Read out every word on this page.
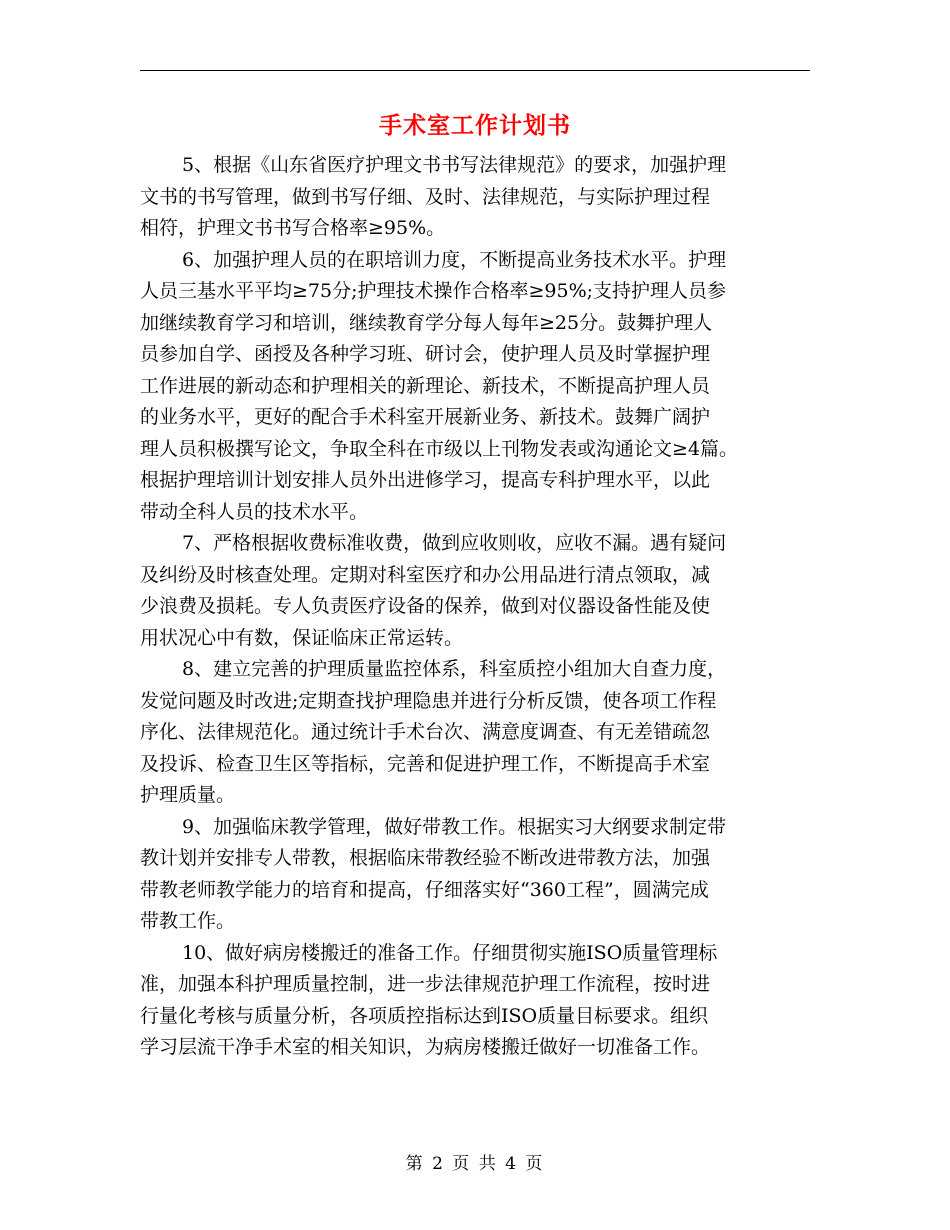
手术室工作计划书
5、根据《山东省医疗护理文书书写法律规范》的要求，加强护理
文书的书写管理，做到书写仔细、及时、法律规范，与实际护理过程
相符，护理文书书写合格率≥95%。
6、加强护理人员的在职培训力度，不断提高业务技术水平。护理
人员三基水平平均≥75分;护理技术操作合格率≥95%;支持护理人员参
加继续教育学习和培训，继续教育学分每人每年≥25分。鼓舞护理人
员参加自学、函授及各种学习班、研讨会，使护理人员及时掌握护理
工作进展的新动态和护理相关的新理论、新技术，不断提高护理人员
的业务水平，更好的配合手术科室开展新业务、新技术。鼓舞广阔护
理人员积极撰写论文，争取全科在市级以上刊物发表或沟通论文≥4篇。
根据护理培训计划安排人员外出进修学习，提高专科护理水平，以此
带动全科人员的技术水平。
7、严格根据收费标准收费，做到应收则收，应收不漏。遇有疑问
及纠纷及时核查处理。定期对科室医疗和办公用品进行清点领取，减
少浪费及损耗。专人负责医疗设备的保养，做到对仪器设备性能及使
用状况心中有数，保证临床正常运转。
8、建立完善的护理质量监控体系，科室质控小组加大自查力度，
发觉问题及时改进;定期查找护理隐患并进行分析反馈，使各项工作程
序化、法律规范化。通过统计手术台次、满意度调查、有无差错疏忽
及投诉、检查卫生区等指标，完善和促进护理工作，不断提高手术室
护理质量。
9、加强临床教学管理，做好带教工作。根据实习大纲要求制定带
教计划并安排专人带教，根据临床带教经验不断改进带教方法，加强
带教老师教学能力的培育和提高，仔细落实好“360工程”，圆满完成
带教工作。
10、做好病房楼搬迁的准备工作。仔细贯彻实施ISO质量管理标
准，加强本科护理质量控制，进一步法律规范护理工作流程，按时进
行量化考核与质量分析，各项质控指标达到ISO质量目标要求。组织
学习层流干净手术室的相关知识，为病房楼搬迁做好一切准备工作。
第 2 页 共 4 页
